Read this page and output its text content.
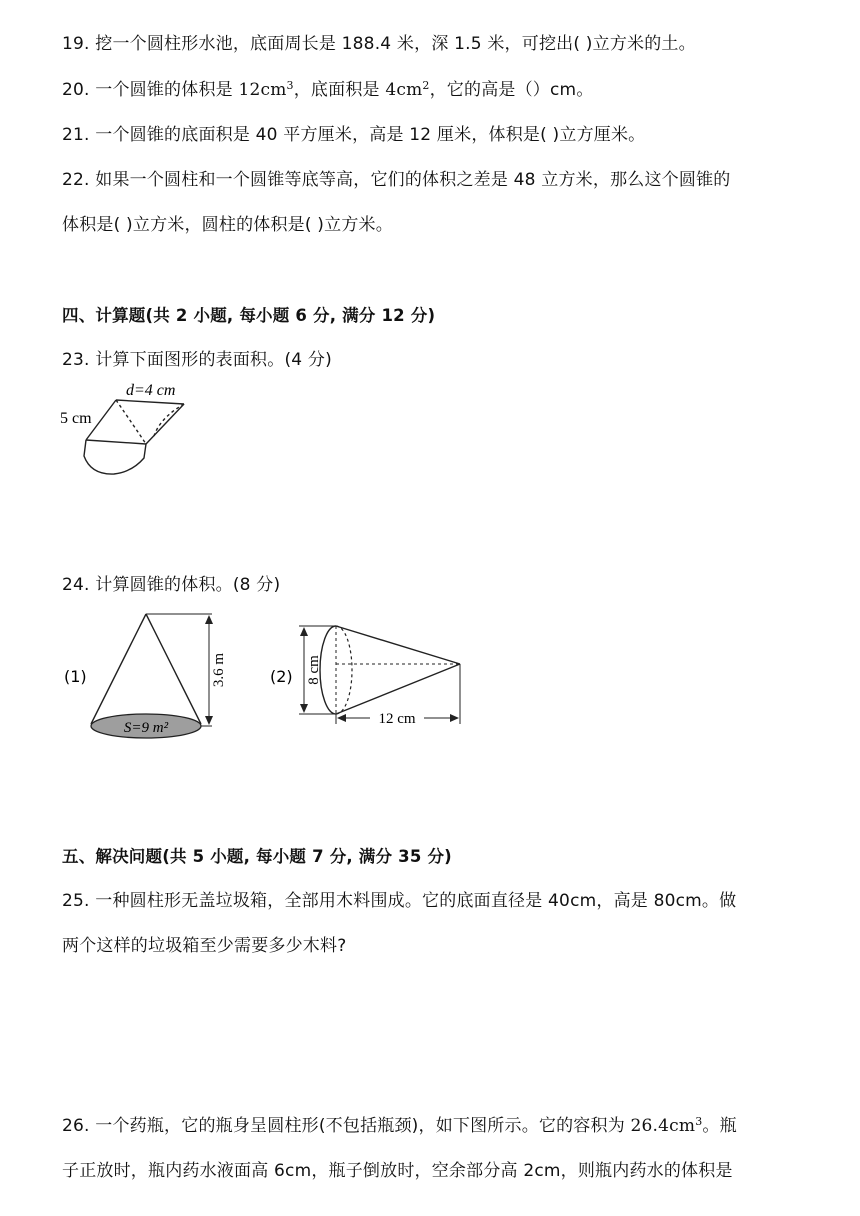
19. 挖一个圆柱形水池，底面周长是 188.4 米，深 1.5 米，可挖出( )立方米的土。
20. 一个圆锥的体积是 $12cm^3$，底面积是 $4cm^2$，它的高是（）cm。
21. 一个圆锥的底面积是 40 平方厘米，高是 12 厘米，体积是( )立方厘米。
22. 如果一个圆柱和一个圆锥等底等高，它们的体积之差是 48 立方米，那么这个圆锥的
体积是( )立方米，圆柱的体积是( )立方米。
四、计算题(共 2 小题, 每小题 6 分, 满分 12 分)
23. 计算下面图形的表面积。(4 分)
d=4 cm
5 cm
24. 计算圆锥的体积。(8 分)
(1)	3.6 m
S=9 m²
(2) 8 cm
12 cm
五、解决问题(共 5 小题, 每小题 7 分, 满分 35 分)
25. 一种圆柱形无盖垃圾箱，全部用木料围成。它的底面直径是 40cm，高是 80cm。做
两个这样的垃圾箱至少需要多少木料?
26. 一个药瓶，它的瓶身呈圆柱形(不包括瓶颈)，如下图所示。它的容积为 $26.4cm^3$。瓶
子正放时，瓶内药水液面高 6cm，瓶子倒放时，空余部分高 2cm，则瓶内药水的体积是
